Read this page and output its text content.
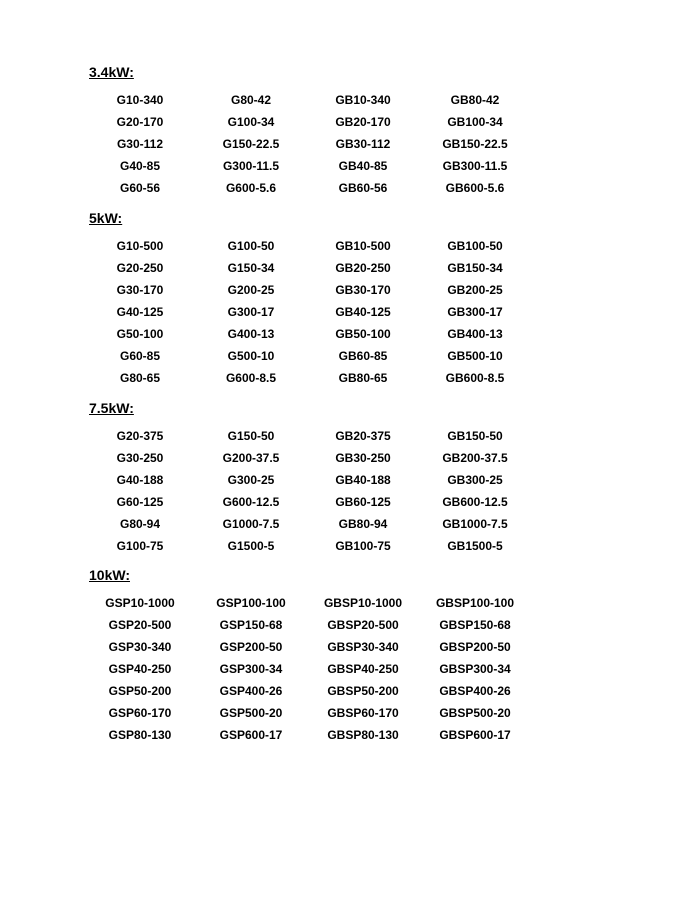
3.4kW:
G10-340	G80-42	GB10-340	GB80-42
G20-170	G100-34	GB20-170	GB100-34
G30-112	G150-22.5	GB30-112	GB150-22.5
G40-85	G300-11.5	GB40-85	GB300-11.5
G60-56	G600-5.6	GB60-56	GB600-5.6
5kW:
G10-500	G100-50	GB10-500	GB100-50
G20-250	G150-34	GB20-250	GB150-34
G30-170	G200-25	GB30-170	GB200-25
G40-125	G300-17	GB40-125	GB300-17
G50-100	G400-13	GB50-100	GB400-13
G60-85	G500-10	GB60-85	GB500-10
G80-65	G600-8.5	GB80-65	GB600-8.5
7.5kW:
G20-375	G150-50	GB20-375	GB150-50
G30-250	G200-37.5	GB30-250	GB200-37.5
G40-188	G300-25	GB40-188	GB300-25
G60-125	G600-12.5	GB60-125	GB600-12.5
G80-94	G1000-7.5	GB80-94	GB1000-7.5
G100-75	G1500-5	GB100-75	GB1500-5
10kW:
GSP10-1000	GSP100-100	GBSP10-1000	GBSP100-100
GSP20-500	GSP150-68	GBSP20-500	GBSP150-68
GSP30-340	GSP200-50	GBSP30-340	GBSP200-50
GSP40-250	GSP300-34	GBSP40-250	GBSP300-34
GSP50-200	GSP400-26	GBSP50-200	GBSP400-26
GSP60-170	GSP500-20	GBSP60-170	GBSP500-20
GSP80-130	GSP600-17	GBSP80-130	GBSP600-17
